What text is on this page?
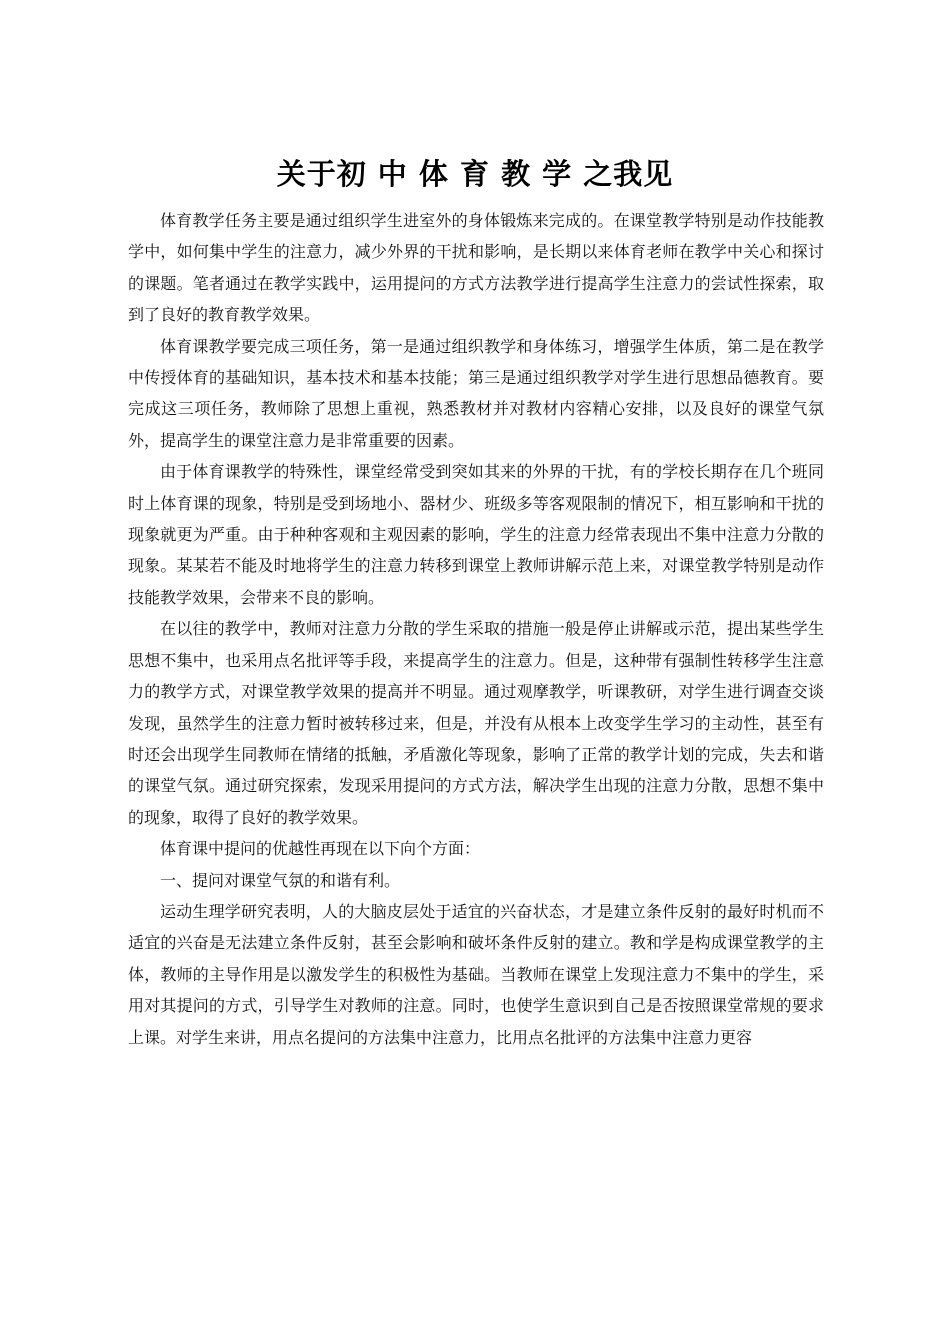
关于初 中 体 育 教 学 之我见

体育教学任务主要是通过组织学生进室外的身体锻炼来完成的。在课堂教学特别是动作技能教学中，如何集中学生的注意力，减少外界的干扰和影响，是长期以来体育老师在教学中关心和探讨的课题。笔者通过在教学实践中，运用提问的方式方法教学进行提高学生注意力的尝试性探索，取到了良好的教育教学效果。

体育课教学要完成三项任务，第一是通过组织教学和身体练习，增强学生体质，第二是在教学中传授体育的基础知识，基本技术和基本技能；第三是通过组织教学对学生进行思想品德教育。要完成这三项任务，教师除了思想上重视，熟悉教材并对教材内容精心安排，以及良好的课堂气氛外，提高学生的课堂注意力是非常重要的因素。

由于体育课教学的特殊性，课堂经常受到突如其来的外界的干扰，有的学校长期存在几个班同时上体育课的现象，特别是受到场地小、器材少、班级多等客观限制的情况下，相互影响和干扰的现象就更为严重。由于种种客观和主观因素的影响，学生的注意力经常表现出不集中注意力分散的现象。某某若不能及时地将学生的注意力转移到课堂上教师讲解示范上来，对课堂教学特别是动作技能教学效果，会带来不良的影响。

在以往的教学中，教师对注意力分散的学生采取的措施一般是停止讲解或示范，提出某些学生思想不集中，也采用点名批评等手段，来提高学生的注意力。但是，这种带有强制性转移学生注意力的教学方式，对课堂教学效果的提高并不明显。通过观摩教学，听课教研，对学生进行调查交谈发现，虽然学生的注意力暂时被转移过来，但是，并没有从根本上改变学生学习的主动性，甚至有时还会出现学生同教师在情绪的抵触，矛盾激化等现象，影响了正常的教学计划的完成，失去和谐的课堂气氛。通过研究探索，发现采用提问的方式方法，解决学生出现的注意力分散，思想不集中的现象，取得了良好的教学效果。

体育课中提问的优越性再现在以下向个方面：

一、提问对课堂气氛的和谐有利。

运动生理学研究表明，人的大脑皮层处于适宜的兴奋状态，才是建立条件反射的最好时机而不适宜的兴奋是无法建立条件反射，甚至会影响和破坏条件反射的建立。教和学是构成课堂教学的主体，教师的主导作用是以激发学生的积极性为基础。当教师在课堂上发现注意力不集中的学生，采用对其提问的方式，引导学生对教师的注意。同时，也使学生意识到自己是否按照课堂常规的要求上课。对学生来讲，用点名提问的方法集中注意力，比用点名批评的方法集中注意力更容
